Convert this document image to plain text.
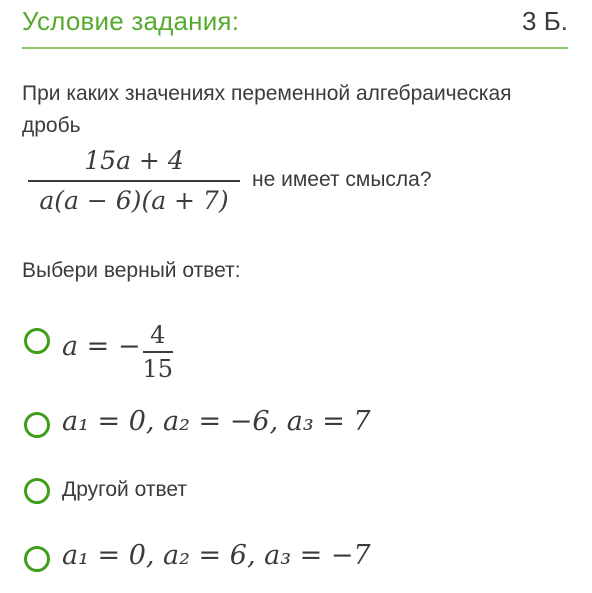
Условие задания:	3 Б.
При каких значениях переменной алгебраическая дробь
15a + 4
a(a − 6)(a + 7)
не имеет смысла?
Выбери верный ответ:
a = − $\frac{4}{15}$
a₁ = 0, a₂ = −6, a₃ = 7
Другой ответ
a₁ = 0, a₂ = 6, a₃ = −7
